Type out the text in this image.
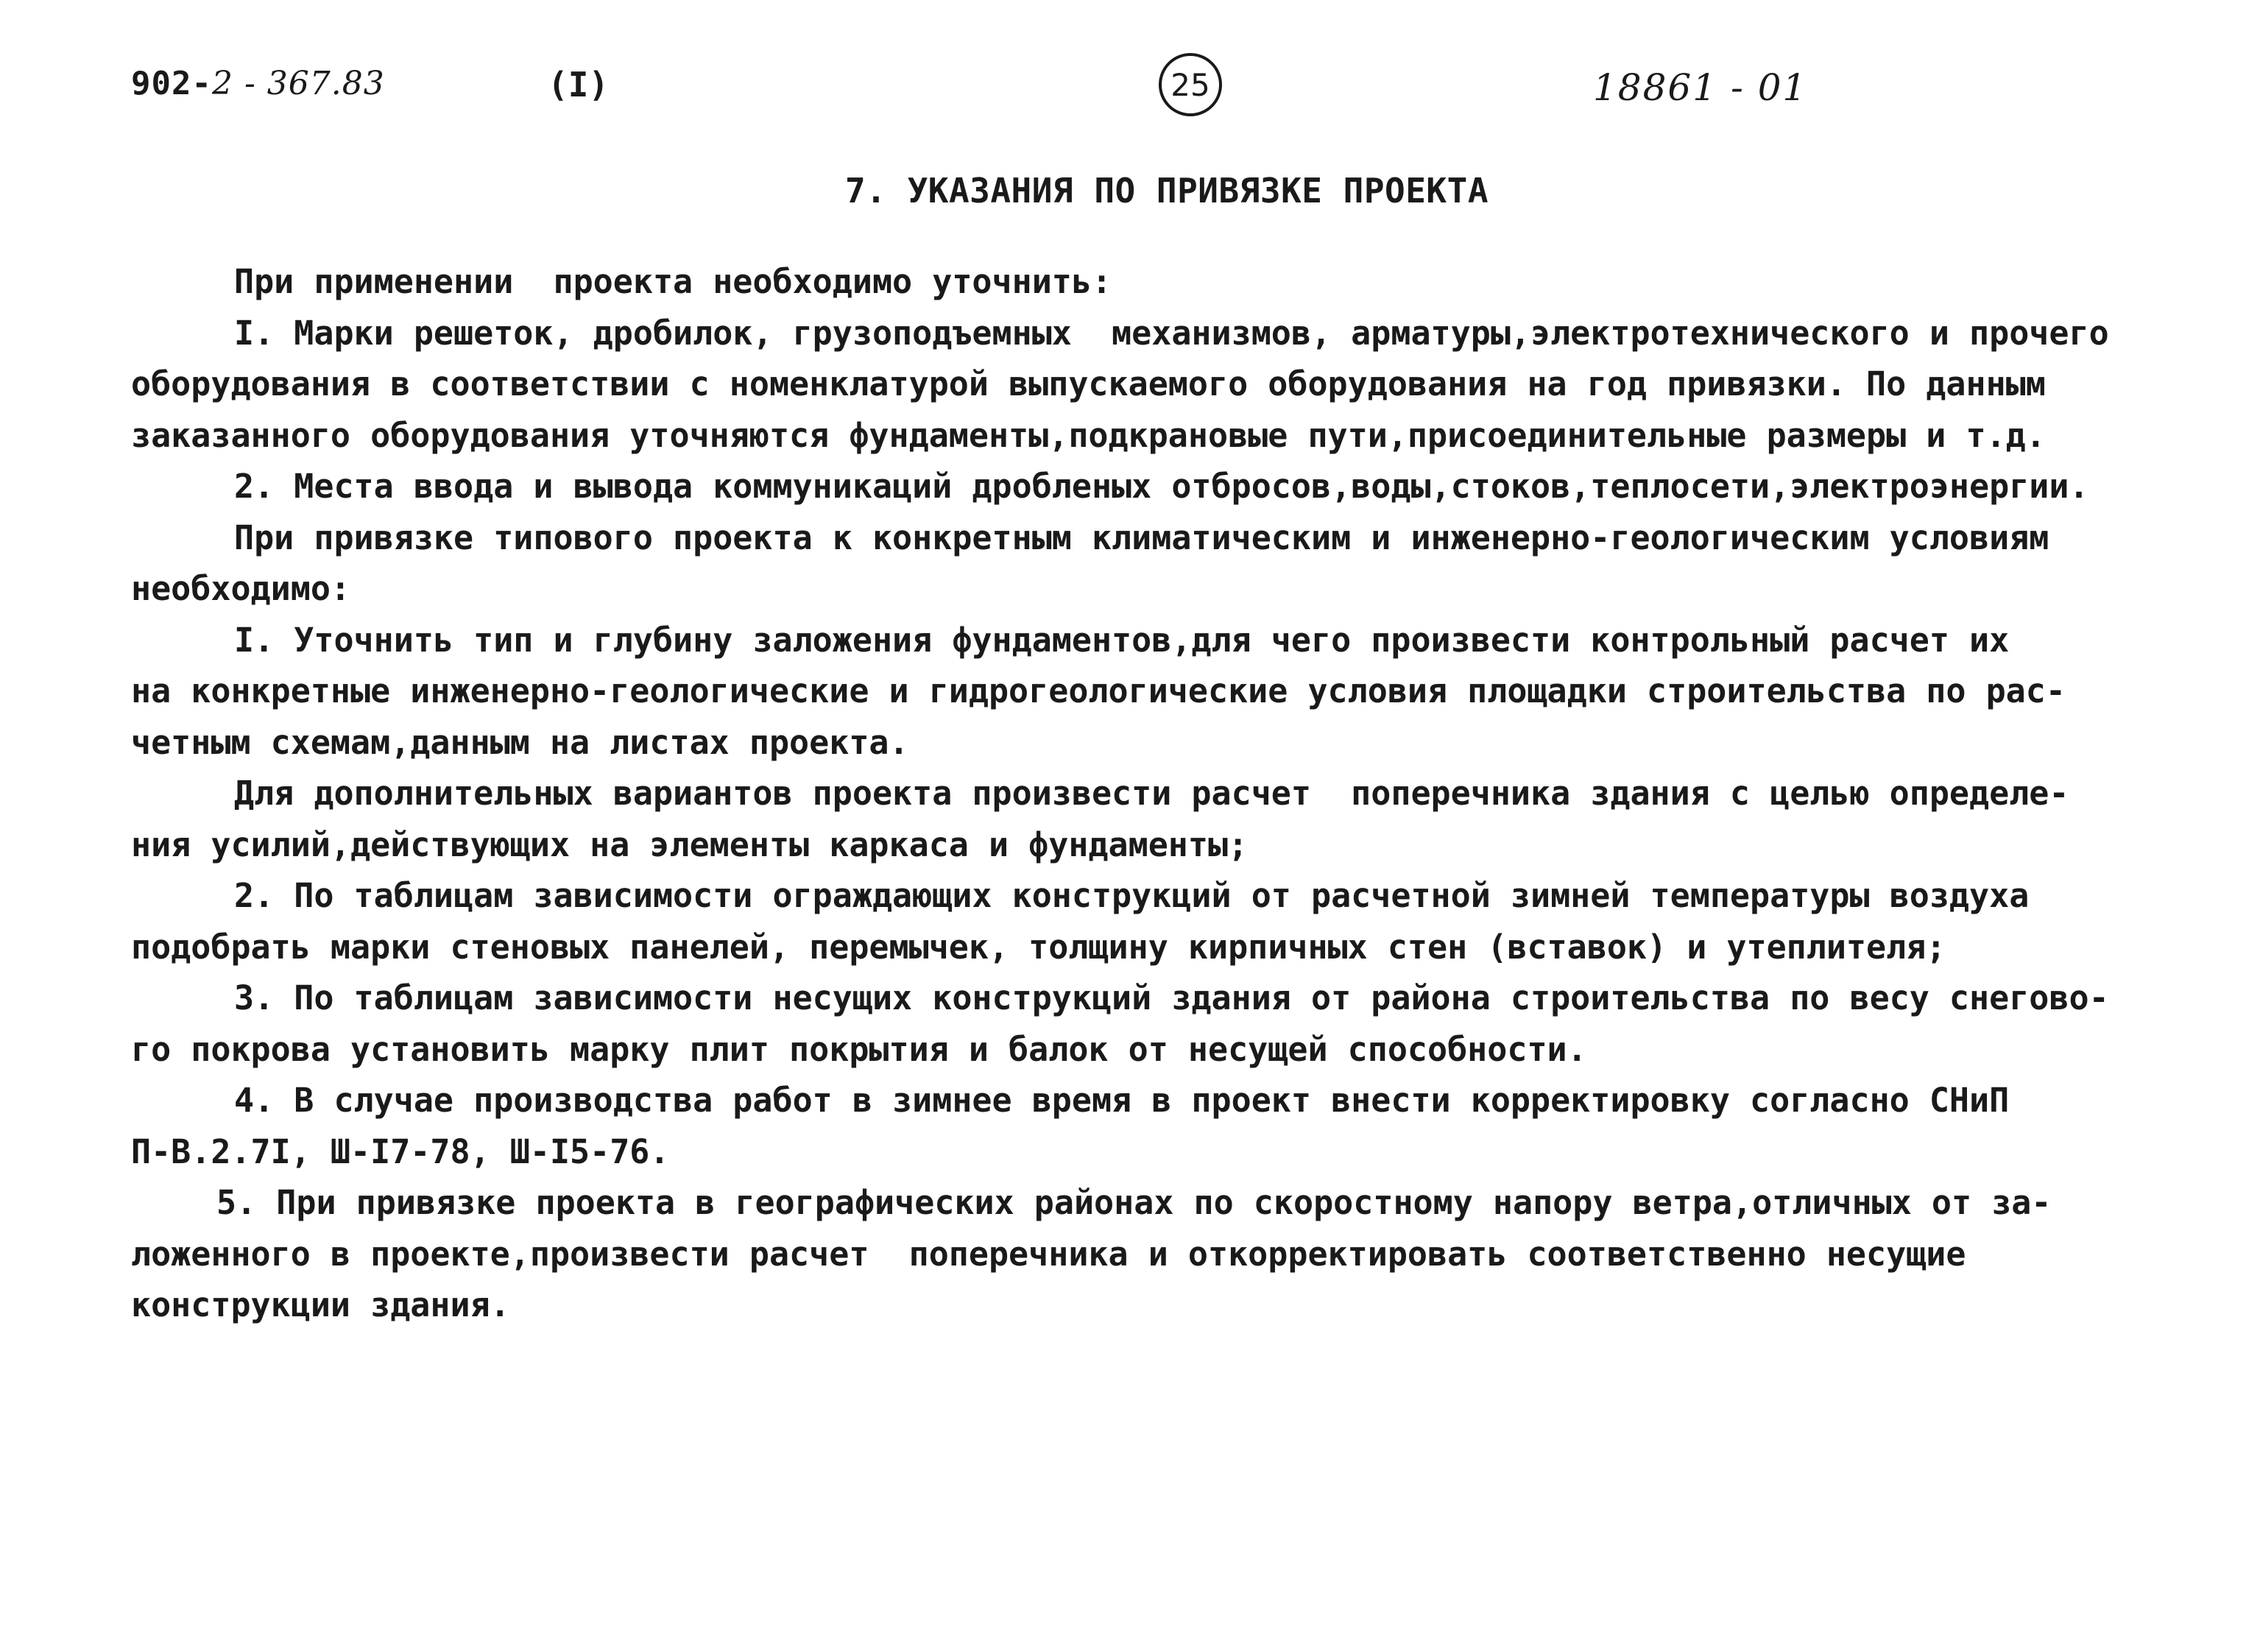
902-2 - 367.83	(I)	25	18861 - 01
7. УКАЗАНИЯ ПО ПРИВЯЗКЕ ПРОЕКТА
При применении  проекта необходимо уточнить:
I. Марки решеток, дробилок, грузоподъемных  механизмов, арматуры,электротехнического и прочего
оборудования в соответствии с номенклатурой выпускаемого оборудования на год привязки. По данным
заказанного оборудования уточняются фундаменты,подкрановые пути,присоединительные размеры и т.д.
2. Места ввода и вывода коммуникаций дробленых отбросов,воды,стоков,теплосети,электроэнергии.
При привязке типового проекта к конкретным климатическим и инженерно-геологическим условиям
необходимо:
I. Уточнить тип и глубину заложения фундаментов,для чего произвести контрольный расчет их
на конкретные инженерно-геологические и гидрогеологические условия площадки строительства по рас-
четным схемам,данным на листах проекта.
Для дополнительных вариантов проекта произвести расчет  поперечника здания с целью определе-
ния усилий,действующих на элементы каркаса и фундаменты;
2. По таблицам зависимости ограждающих конструкций от расчетной зимней температуры воздуха
подобрать марки стеновых панелей, перемычек, толщину кирпичных стен (вставок) и утеплителя;
3. По таблицам зависимости несущих конструкций здания от района строительства по весу снегово-
го покрова установить марку плит покрытия и балок от несущей способности.
4. В случае производства работ в зимнее время в проект внести корректировку согласно СНиП
П-В.2.7I, Ш-I7-78, Ш-I5-76.
5. При привязке проекта в географических районах по скоростному напору ветра,отличных от за-
ложенного в проекте,произвести расчет  поперечника и откорректировать соответственно несущие
конструкции здания.
